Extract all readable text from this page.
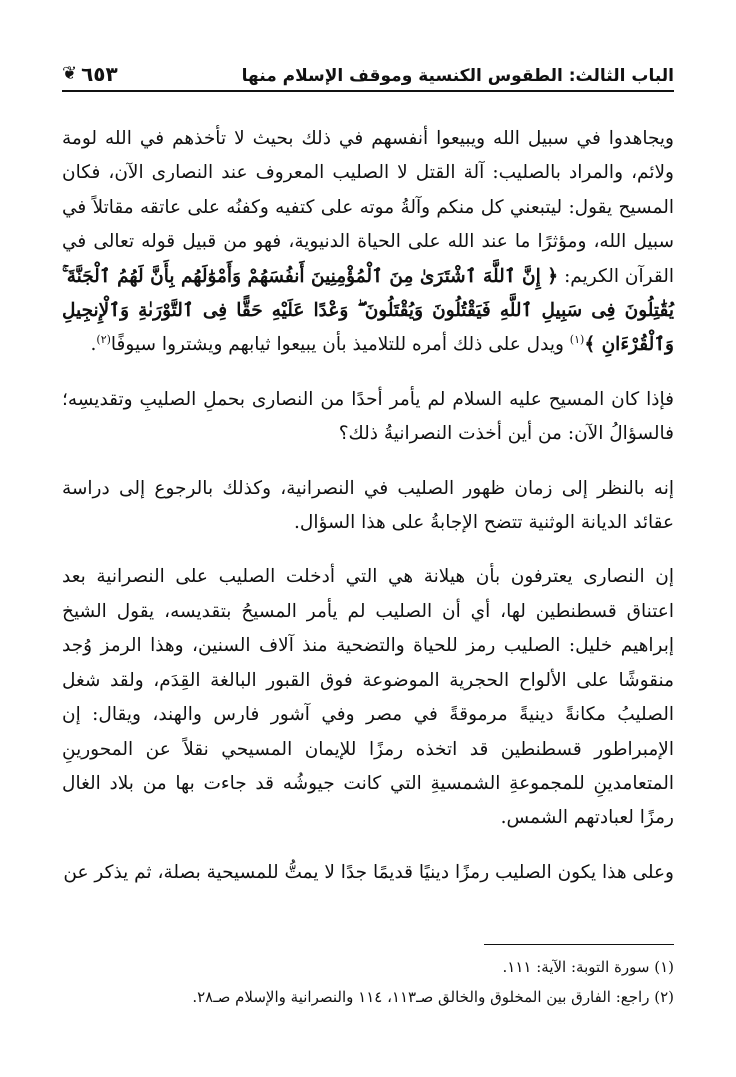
الباب الثالث: الطقوس الكنسية وموقف الإسلام منها
❦ ٦٥٣
ويجاهدوا في سبيل الله ويبيعوا أنفسهم في ذلك بحيث لا تأخذهم في الله لومة ولائم، والمراد بالصليب: آلة القتل لا الصليب المعروف عند النصارى الآن، فكان المسيح يقول: ليتبعني كل منكم وآلةُ موته على كتفيه وكفنُه على عاتقه مقاتلاً في سبيل الله، ومؤثرًا ما عند الله على الحياة الدنيوية، فهو من قبيل قوله تعالى في القرآن الكريم: ﴿ إِنَّ ٱللَّهَ ٱشْتَرَىٰ مِنَ ٱلْمُؤْمِنِينَ أَنفُسَهُمْ وَأَمْوَٰلَهُم بِأَنَّ لَهُمُ ٱلْجَنَّةَ ۚ يُقَٰتِلُونَ فِى سَبِيلِ ٱللَّهِ فَيَقْتُلُونَ وَيُقْتَلُونَ ۖ وَعْدًا عَلَيْهِ حَقًّا فِى ٱلتَّوْرَىٰةِ وَٱلْإِنجِيلِ وَٱلْقُرْءَانِ ﴾$^{(١)}$ ويدل على ذلك أمره للتلاميذ بأن يبيعوا ثيابهم ويشتروا سيوفًا$^{(٢)}$.

فإذا كان المسيح عليه السلام لم يأمر أحدًا من النصارى بحملِ الصليبِ وتقديسِه؛ فالسؤالُ الآن: من أين أخذت النصرانيةُ ذلك؟

إنه بالنظر إلى زمان ظهور الصليب في النصرانية، وكذلك بالرجوع إلى دراسة عقائد الديانة الوثنية تتضح الإجابةُ على هذا السؤال.

إن النصارى يعترفون بأن هيلانة هي التي أدخلت الصليب على النصرانية بعد اعتناق قسطنطين لها، أي أن الصليب لم يأمر المسيحُ بتقديسه، يقول الشيخ إبراهيم خليل: الصليب رمز للحياة والتضحية منذ آلاف السنين، وهذا الرمز وُجد منقوشًا على الألواح الحجرية الموضوعة فوق القبور البالغة القِدَم، ولقد شغل الصليبُ مكانةً دينيةً مرموقةً في مصر وفي آشور فارس والهند، ويقال: إن الإمبراطور قسطنطين قد اتخذه رمزًا للإيمان المسيحي نقلاً عن المحورينِ المتعامدينِ للمجموعةِ الشمسيةِ التي كانت جيوشُه قد جاءت بها من بلاد الغال رمزًا لعبادتهم الشمس.

وعلى هذا يكون الصليب رمزًا دينيًا قديمًا جدًا لا يمتُّ للمسيحية بصلة، ثم يذكر عن

(١) سورة التوبة: الآية: ١١١.

(٢) راجع: الفارق بين المخلوق والخالق صـ١١٣، ١١٤ والنصرانية والإسلام صـ٢٨.
